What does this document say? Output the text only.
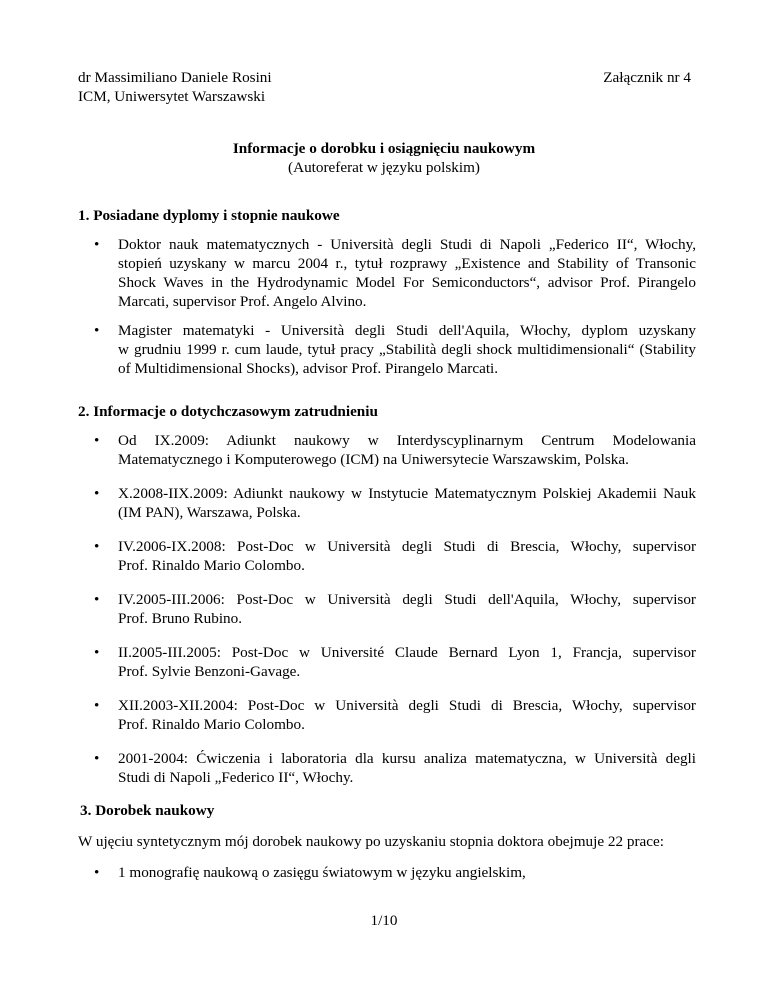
dr Massimiliano Daniele Rosini
ICM, Uniwersytet Warszawski
Załącznik nr 4
Informacje o dorobku i osiągnięciu naukowym
(Autoreferat w języku polskim)
1. Posiadane dyplomy i stopnie naukowe
•	Doktor nauk matematycznych - Università degli Studi di Napoli „Federico II“, Włochy,
stopień uzyskany w marcu 2004 r., tytuł rozprawy „Existence and Stability of Transonic
Shock Waves in the Hydrodynamic Model For Semiconductors“, advisor Prof. Pirangelo
Marcati, supervisor Prof. Angelo Alvino.
•	Magister matematyki - Università degli Studi dell'Aquila, Włochy, dyplom uzyskany
w grudniu 1999 r. cum laude, tytuł pracy „Stabilità degli shock multidimensionali“ (Stability
of Multidimensional Shocks), advisor Prof. Pirangelo Marcati.
2. Informacje o dotychczasowym zatrudnieniu
•	Od IX.2009: Adiunkt naukowy w Interdyscyplinarnym Centrum Modelowania
Matematycznego i Komputerowego (ICM) na Uniwersytecie Warszawskim, Polska.
•	X.2008-IIX.2009: Adiunkt naukowy w Instytucie Matematycznym Polskiej Akademii Nauk
(IM PAN), Warszawa, Polska.
•	IV.2006-IX.2008: Post-Doc w Università degli Studi di Brescia, Włochy, supervisor
Prof. Rinaldo Mario Colombo.
•	IV.2005-III.2006: Post-Doc w Università degli Studi dell'Aquila, Włochy, supervisor
Prof. Bruno Rubino.
•	II.2005-III.2005: Post-Doc w Université Claude Bernard Lyon 1, Francja, supervisor
Prof. Sylvie Benzoni-Gavage.
•	XII.2003-XII.2004: Post-Doc w Università degli Studi di Brescia, Włochy, supervisor
Prof. Rinaldo Mario Colombo.
•	2001-2004: Ćwiczenia i laboratoria dla kursu analiza matematyczna, w Università degli
Studi di Napoli „Federico II“, Włochy.
3. Dorobek naukowy
W ujęciu syntetycznym mój dorobek naukowy po uzyskaniu stopnia doktora obejmuje 22 prace:
•	1 monografię naukową o zasięgu światowym w języku angielskim,
1/10
